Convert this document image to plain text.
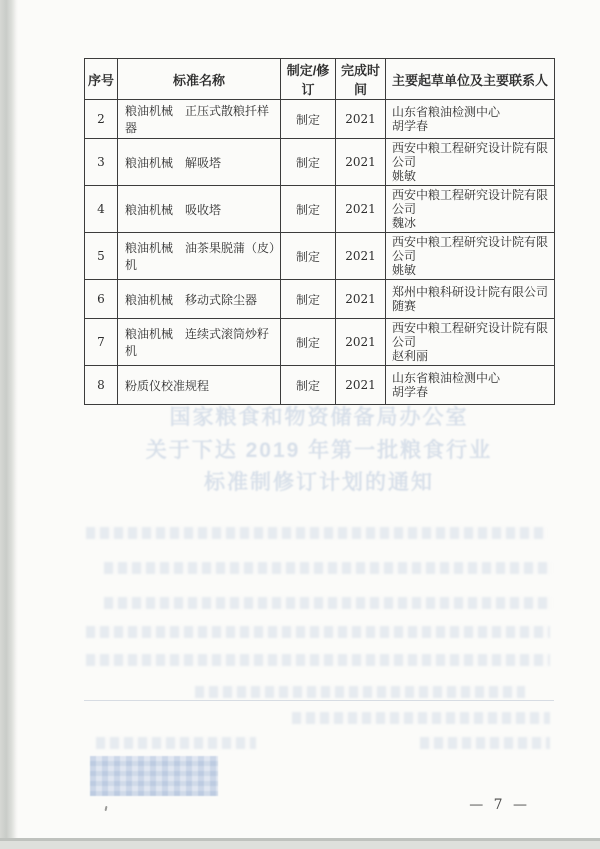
序号	标准名称	制定/修订	完成时间	主要起草单位及主要联系人
2	粮油机械　正压式散粮扦样器	制定	2021	山东省粮油检测中心
胡学春

3	粮油机械　解吸塔	制定	2021	西安中粮工程研究设计院有限公司
姚敏

4	粮油机械　吸收塔	制定	2021	西安中粮工程研究设计院有限公司
魏冰

5	粮油机械　油茶果脱蒲（皮）机	制定	2021	西安中粮工程研究设计院有限公司
姚敏

6	粮油机械　移动式除尘器	制定	2021	郑州中粮科研设计院有限公司
随赛

7	粮油机械　连续式滚筒炒籽机	制定	2021	西安中粮工程研究设计院有限公司
赵利丽

8	粉质仪校准规程	制定	2021	山东省粮油检测中心
胡学春
国家粮食和物资储备局办公室
关于下达 2019 年第一批粮食行业
标准制修订计划的通知
— 7 —
